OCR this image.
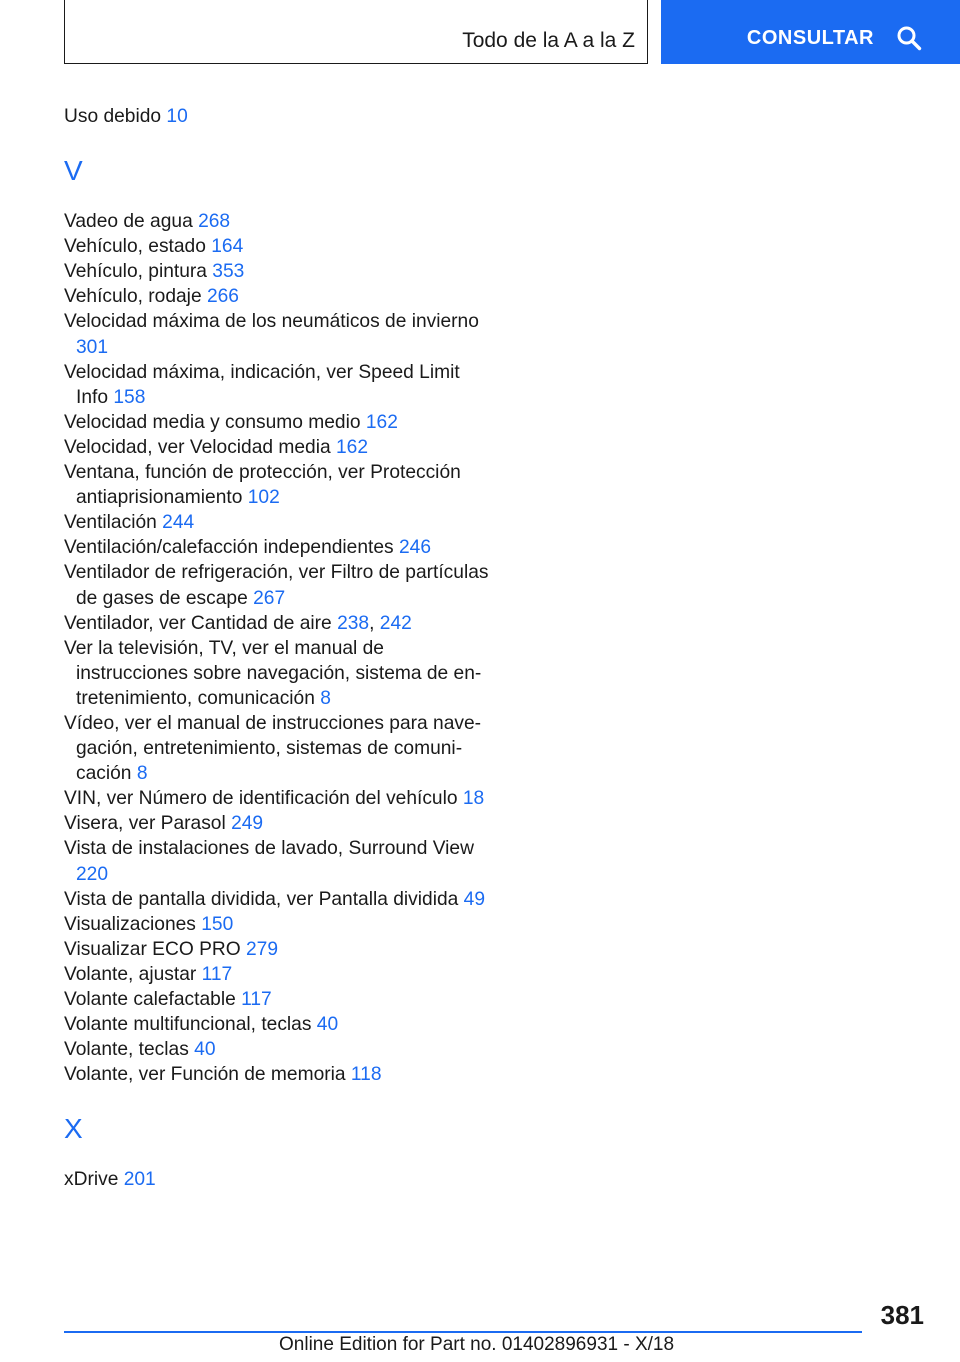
Todo de la A a la Z	CONSULTAR

Uso debido 10

V

Vadeo de agua 268

Vehículo, estado 164

Vehículo, pintura 353

Vehículo, rodaje 266

Velocidad máxima de los neumáticos de invierno 301

Velocidad máxima, indicación, ver Speed Limit Info 158

Velocidad media y consumo medio 162

Velocidad, ver Velocidad media 162

Ventana, función de protección, ver Protección antiaprisionamiento 102

Ventilación 244

Ventilación/calefacción independientes 246

Ventilador de refrigeración, ver Filtro de partículas de gases de escape 267

Ventilador, ver Cantidad de aire 238, 242

Ver la televisión, TV, ver el manual de instrucciones sobre navegación, sistema de entretenimiento, comunicación 8

Vídeo, ver el manual de instrucciones para navegación, entretenimiento, sistemas de comunicación 8

VIN, ver Número de identificación del vehículo 18

Visera, ver Parasol 249

Vista de instalaciones de lavado, Surround View 220

Vista de pantalla dividida, ver Pantalla dividida 49

Visualizaciones 150

Visualizar ECO PRO 279

Volante, ajustar 117

Volante calefactable 117

Volante multifuncional, teclas 40

Volante, teclas 40

Volante, ver Función de memoria 118

X

xDrive 201

381
Online Edition for Part no. 01402896931 - X/18
